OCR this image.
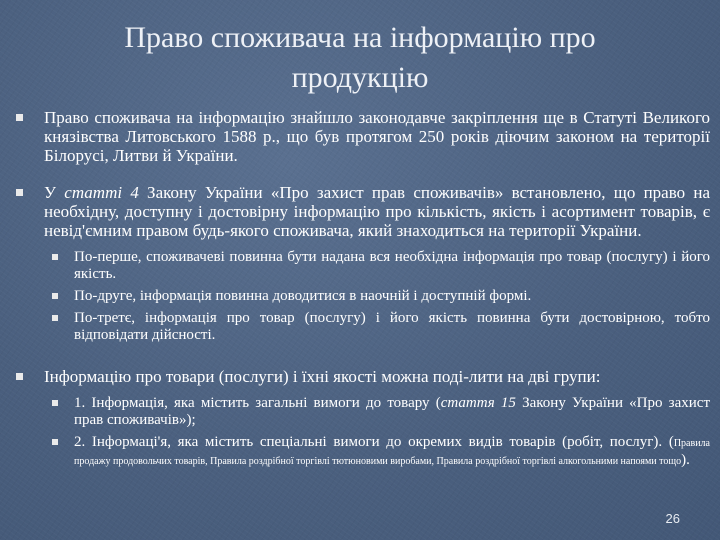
Право споживача на інформацію про
продукцію
Право споживача на інформацію знайшло законодавче закріплення ще в Статуті Великого князівства Литовського 1588 р., що був протягом 250 років діючим законом на території Білорусі, Литви й України.
У статті 4 Закону України «Про захист прав споживачів» встановлено, що право на необхідну, доступну і достовірну інформацію про кількість, якість і асортимент товарів, є невід'ємним правом будь-якого споживача, який знаходиться на території України.
По-перше, споживачеві повинна бути надана вся необхідна інформація про товар (послугу) і його якість.
По-друге, інформація повинна доводитися в наочній і доступній формі.
По-третє, інформація про товар (послугу) і його якість повинна бути достовірною, тобто відповідати дійсності.
Інформацію про товари (послуги) і їхні якості можна поді-лити на дві групи:
1. Інформація, яка містить загальні вимоги до товару (стаття 15 Закону України «Про захист прав споживачів»);
2. Інформаці'я, яка містить спеціальні вимоги до окремих видів товарів (робіт, послуг). (Правила продажу продовольчих товарів, Правила роздрібної торгівлі тютюновими виробами, Правила роздрібної торгівлі алкогольними напоями тощо).
26
